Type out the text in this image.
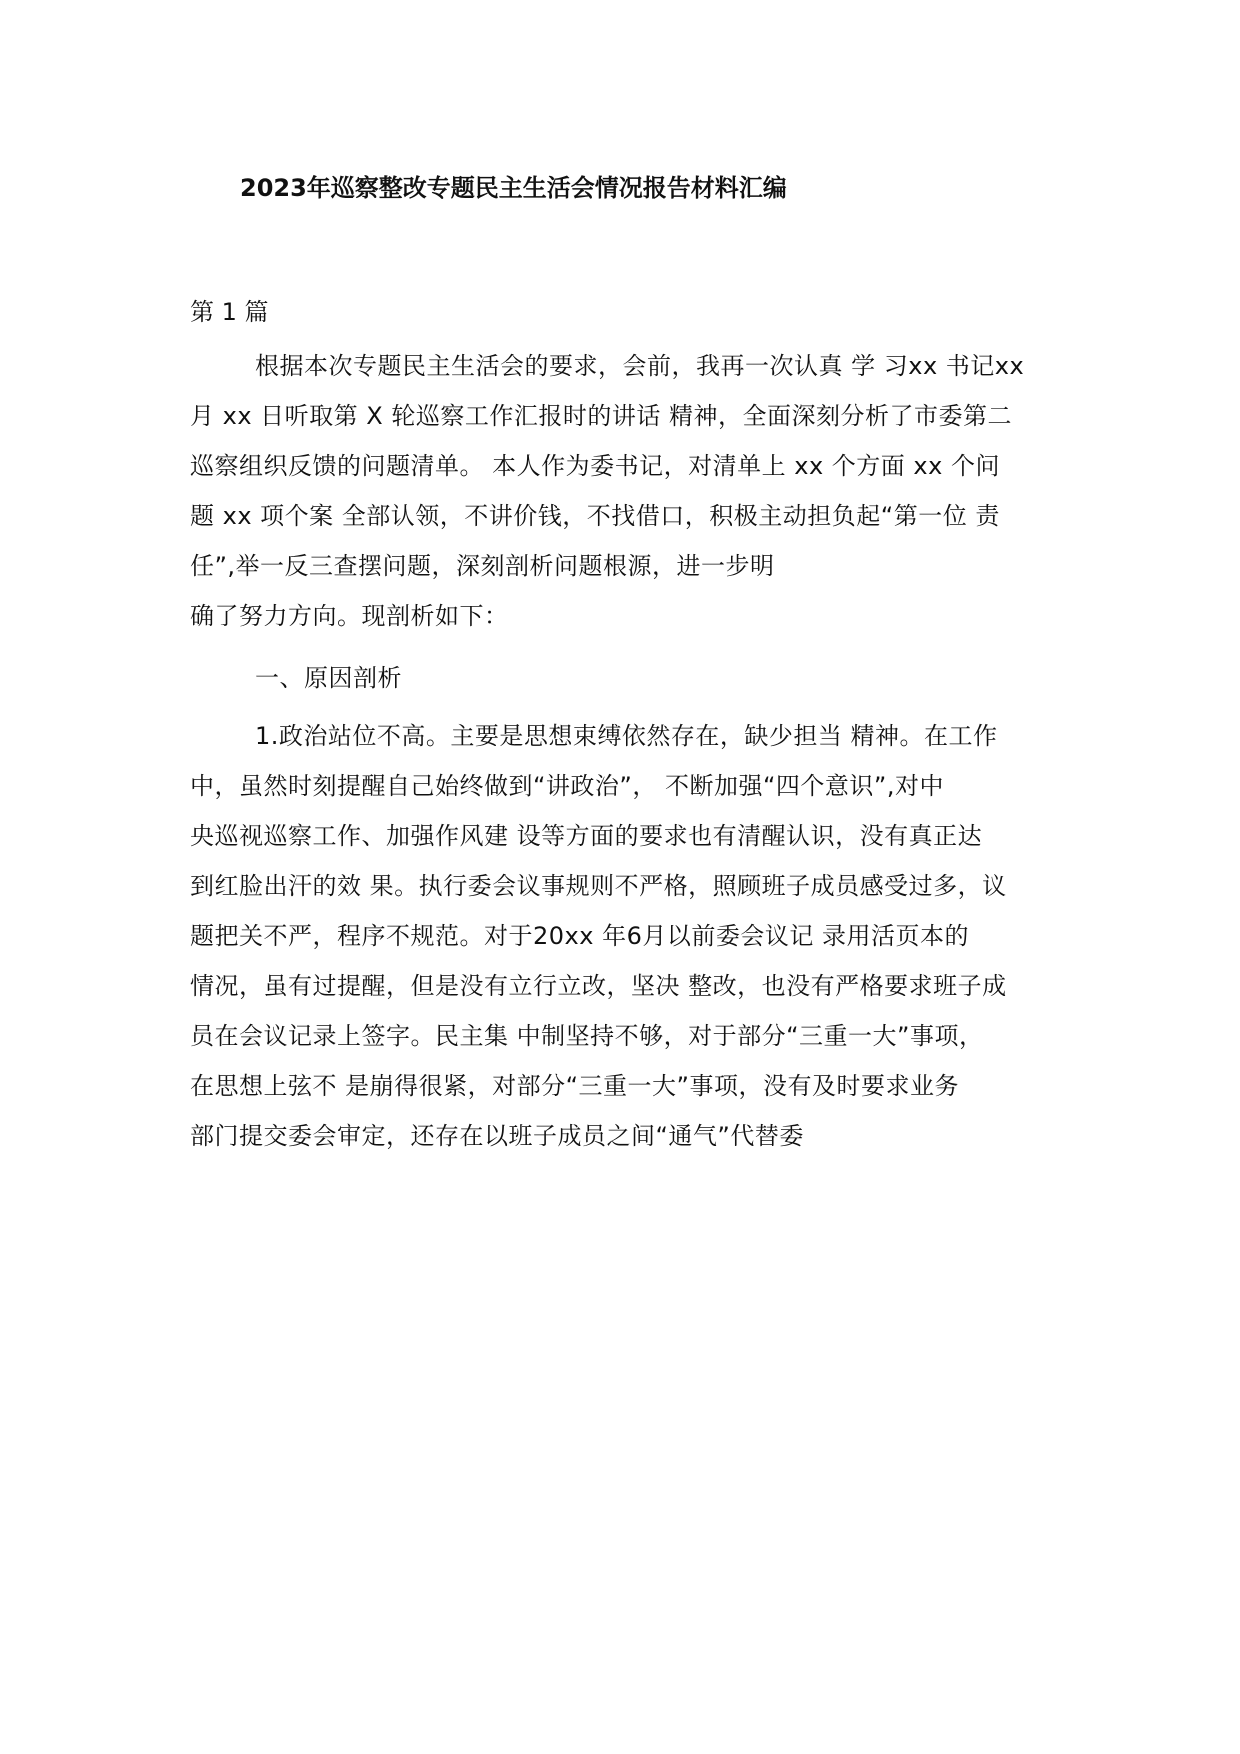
2023年巡察整改专题民主生活会情况报告材料汇编
第 1 篇
根据本次专题民主生活会的要求，会前，我再一次认真 学 习xx 书记xx
月 xx 日听取第 X 轮巡察工作汇报时的讲话 精神，全面深刻分析了市委第二
巡察组织反馈的问题清单。 本人作为委书记，对清单上 xx 个方面 xx 个问
题 xx 项个案 全部认领，不讲价钱，不找借口，积极主动担负起“第一位 责
任”,举一反三查摆问题，深刻剖析问题根源，进一步明
确了努力方向。现剖析如下：
一、原因剖析
1.政治站位不高。主要是思想束缚依然存在，缺少担当 精神。在工作
中，虽然时刻提醒自己始终做到“讲政治”， 不断加强“四个意识”,对中
央巡视巡察工作、加强作风建 设等方面的要求也有清醒认识，没有真正达
到红脸出汗的效 果。执行委会议事规则不严格，照顾班子成员感受过多，议
题把关不严，程序不规范。对于20xx 年6月以前委会议记 录用活页本的
情况，虽有过提醒，但是没有立行立改，坚决 整改，也没有严格要求班子成
员在会议记录上签字。民主集 中制坚持不够，对于部分“三重一大”事项，
在思想上弦不 是崩得很紧，对部分“三重一大”事项，没有及时要求业务
部门提交委会审定，还存在以班子成员之间“通气”代替委
